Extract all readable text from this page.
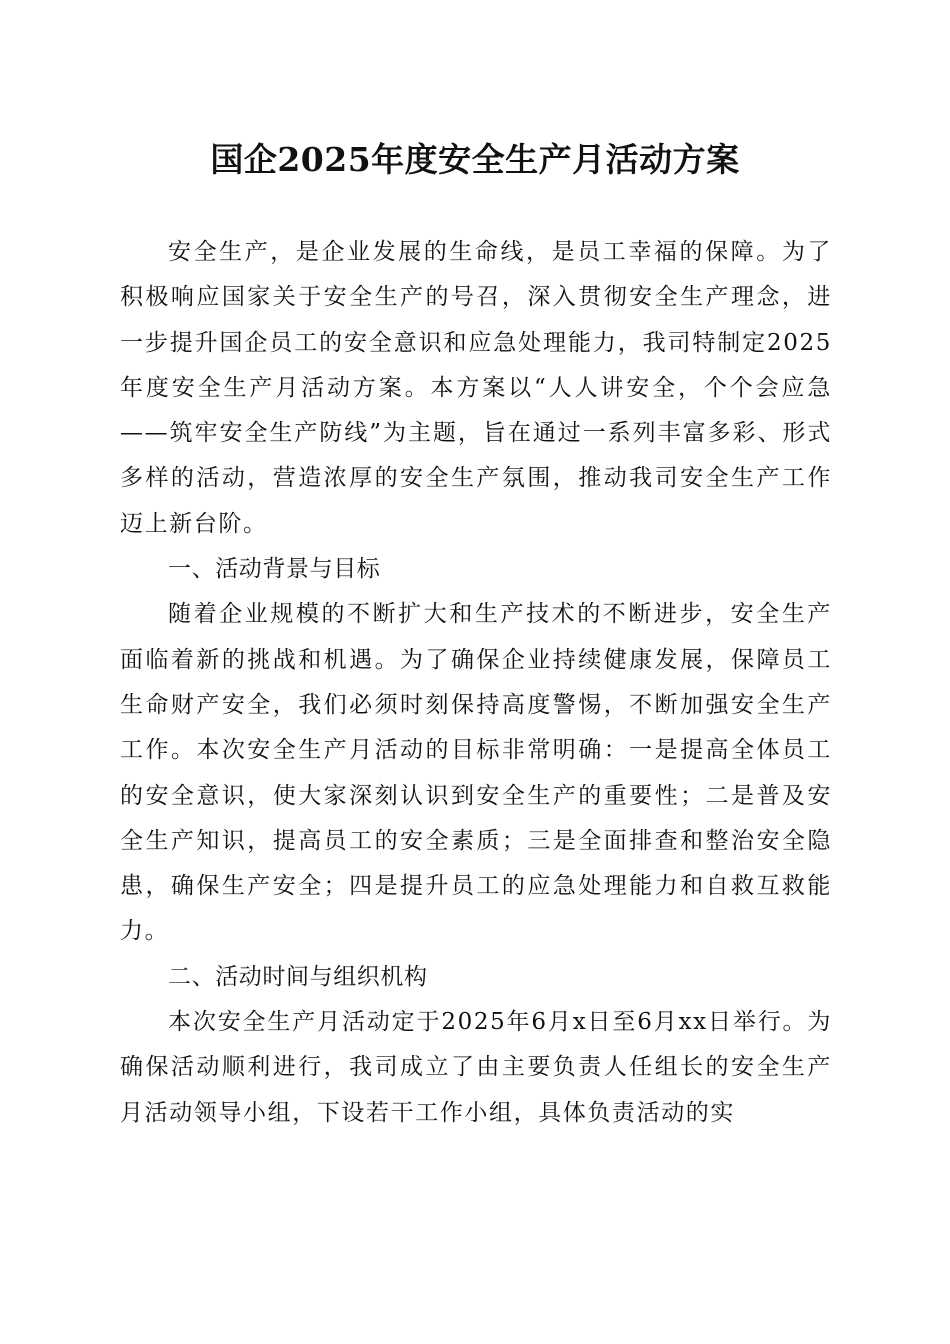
国企2025年度安全生产月活动方案

安全生产，是企业发展的生命线，是员工幸福的保障。为了积极响应国家关于安全生产的号召，深入贯彻安全生产理念，进一步提升国企员工的安全意识和应急处理能力，我司特制定2025年度安全生产月活动方案。本方案以“人人讲安全，个个会应急——筑牢安全生产防线”为主题，旨在通过一系列丰富多彩、形式多样的活动，营造浓厚的安全生产氛围，推动我司安全生产工作迈上新台阶。

一、活动背景与目标

随着企业规模的不断扩大和生产技术的不断进步，安全生产面临着新的挑战和机遇。为了确保企业持续健康发展，保障员工生命财产安全，我们必须时刻保持高度警惕，不断加强安全生产工作。本次安全生产月活动的目标非常明确：一是提高全体员工的安全意识，使大家深刻认识到安全生产的重要性；二是普及安全生产知识，提高员工的安全素质；三是全面排查和整治安全隐患，确保生产安全；四是提升员工的应急处理能力和自救互救能力。

二、活动时间与组织机构

本次安全生产月活动定于2025年6月x日至6月xx日举行。为确保活动顺利进行，我司成立了由主要负责人任组长的安全生产月活动领导小组，下设若干工作小组，具体负责活动的实
